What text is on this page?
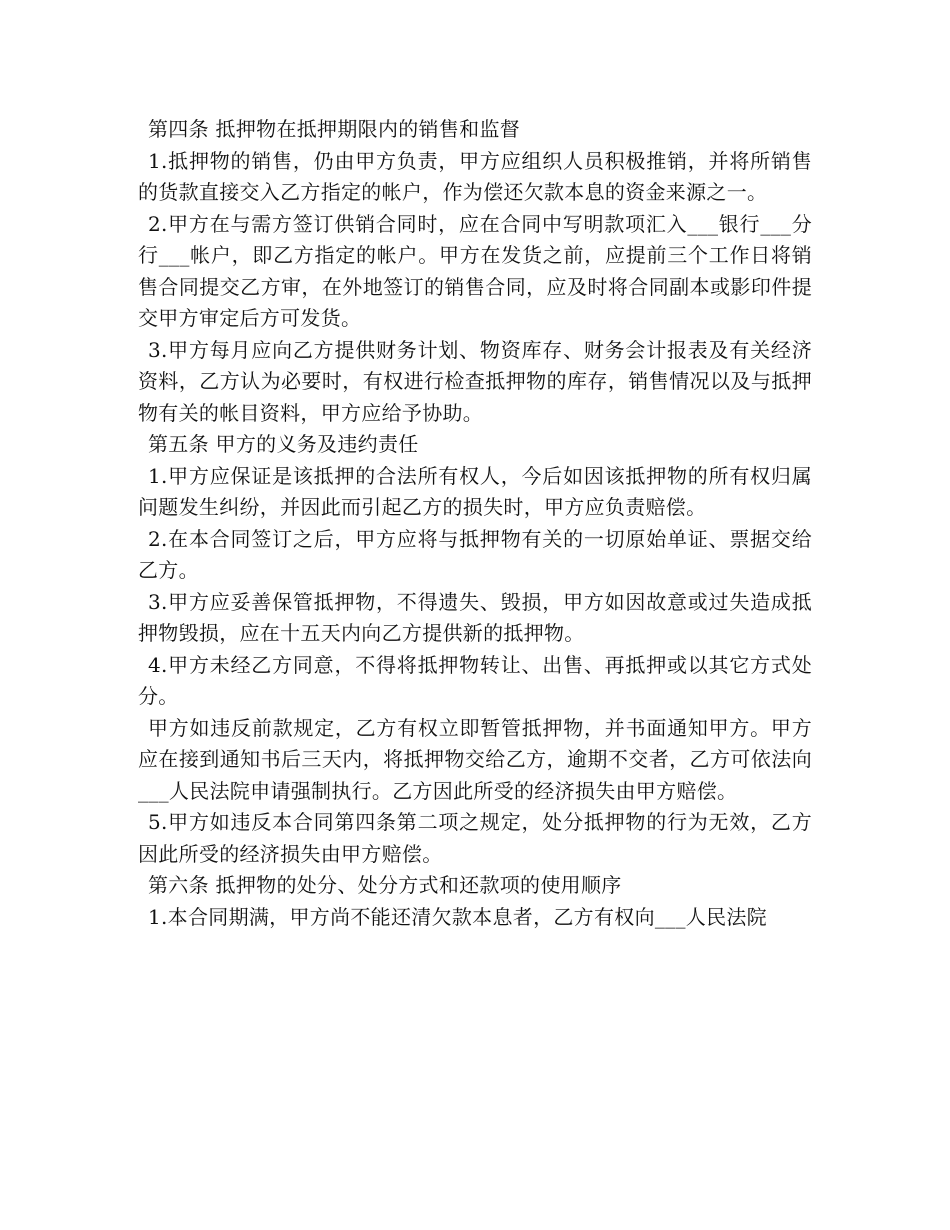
第四条 抵押物在抵押期限内的销售和监督

1.抵押物的销售，仍由甲方负责，甲方应组织人员积极推销，并将所销售的货款直接交入乙方指定的帐户，作为偿还欠款本息的资金来源之一。

2.甲方在与需方签订供销合同时，应在合同中写明款项汇入___银行___分行___帐户，即乙方指定的帐户。甲方在发货之前，应提前三个工作日将销售合同提交乙方审，在外地签订的销售合同，应及时将合同副本或影印件提交甲方审定后方可发货。

3.甲方每月应向乙方提供财务计划、物资库存、财务会计报表及有关经济资料，乙方认为必要时，有权进行检查抵押物的库存，销售情况以及与抵押物有关的帐目资料，甲方应给予协助。

第五条 甲方的义务及违约责任

1.甲方应保证是该抵押的合法所有权人，今后如因该抵押物的所有权归属问题发生纠纷，并因此而引起乙方的损失时，甲方应负责赔偿。

2.在本合同签订之后，甲方应将与抵押物有关的一切原始单证、票据交给乙方。

3.甲方应妥善保管抵押物，不得遗失、毁损，甲方如因故意或过失造成抵押物毁损，应在十五天内向乙方提供新的抵押物。

4.甲方未经乙方同意，不得将抵押物转让、出售、再抵押或以其它方式处分。

甲方如违反前款规定，乙方有权立即暂管抵押物，并书面通知甲方。甲方应在接到通知书后三天内，将抵押物交给乙方，逾期不交者，乙方可依法向___人民法院申请强制执行。乙方因此所受的经济损失由甲方赔偿。

5.甲方如违反本合同第四条第二项之规定，处分抵押物的行为无效，乙方因此所受的经济损失由甲方赔偿。

第六条 抵押物的处分、处分方式和还款项的使用顺序

1.本合同期满，甲方尚不能还清欠款本息者，乙方有权向___人民法院
